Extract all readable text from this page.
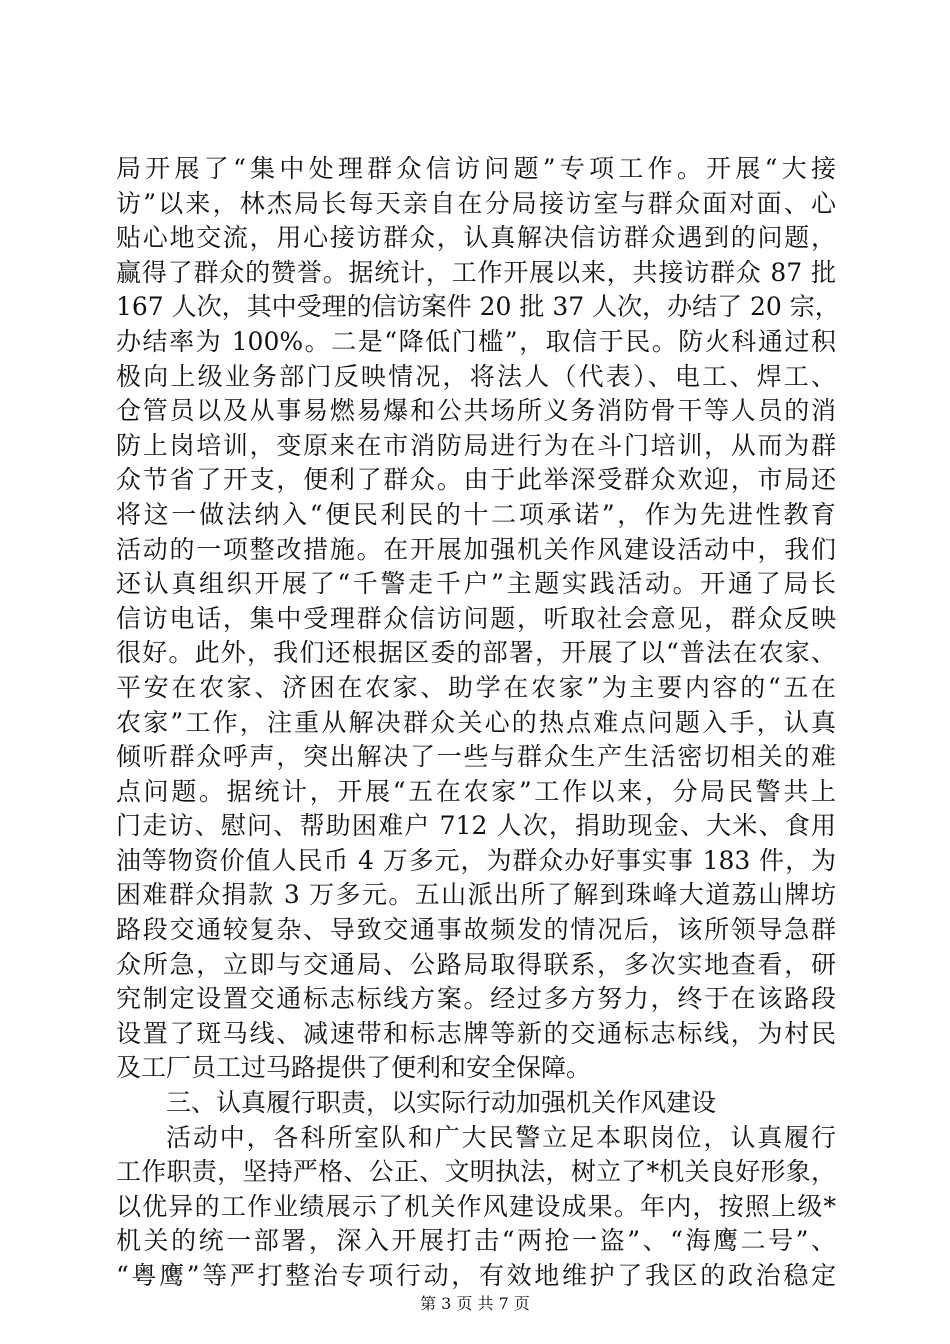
局开展了“集中处理群众信访问题”专项工作。开展“大接
访”以来，林杰局长每天亲自在分局接访室与群众面对面、心
贴心地交流，用心接访群众，认真解决信访群众遇到的问题，
赢得了群众的赞誉。据统计，工作开展以来，共接访群众 87 批
167 人次，其中受理的信访案件 20 批 37 人次，办结了 20 宗，
办结率为 100%。二是“降低门槛”，取信于民。防火科通过积
极向上级业务部门反映情况，将法人（代表）、电工、焊工、
仓管员以及从事易燃易爆和公共场所义务消防骨干等人员的消
防上岗培训，变原来在市消防局进行为在斗门培训，从而为群
众节省了开支，便利了群众。由于此举深受群众欢迎，市局还
将这一做法纳入“便民利民的十二项承诺”，作为先进性教育
活动的一项整改措施。在开展加强机关作风建设活动中，我们
还认真组织开展了“千警走千户”主题实践活动。开通了局长
信访电话，集中受理群众信访问题，听取社会意见，群众反映
很好。此外，我们还根据区委的部署，开展了以“普法在农家、
平安在农家、济困在农家、助学在农家”为主要内容的“五在
农家”工作，注重从解决群众关心的热点难点问题入手，认真
倾听群众呼声，突出解决了一些与群众生产生活密切相关的难
点问题。据统计，开展“五在农家”工作以来，分局民警共上
门走访、慰问、帮助困难户 712 人次，捐助现金、大米、食用
油等物资价值人民币 4 万多元，为群众办好事实事 183 件，为
困难群众捐款 3 万多元。五山派出所了解到珠峰大道荔山牌坊
路段交通较复杂、导致交通事故频发的情况后，该所领导急群
众所急，立即与交通局、公路局取得联系，多次实地查看，研
究制定设置交通标志标线方案。经过多方努力，终于在该路段
设置了斑马线、减速带和标志牌等新的交通标志标线，为村民
及工厂员工过马路提供了便利和安全保障。
三、认真履行职责，以实际行动加强机关作风建设
活动中，各科所室队和广大民警立足本职岗位，认真履行
工作职责，坚持严格、公正、文明执法，树立了*机关良好形象，
以优异的工作业绩展示了机关作风建设成果。年内，按照上级*
机关的统一部署，深入开展打击“两抢一盗”、“海鹰二号”、
“粤鹰”等严打整治专项行动，有效地维护了我区的政治稳定
第 3 页 共 7 页
